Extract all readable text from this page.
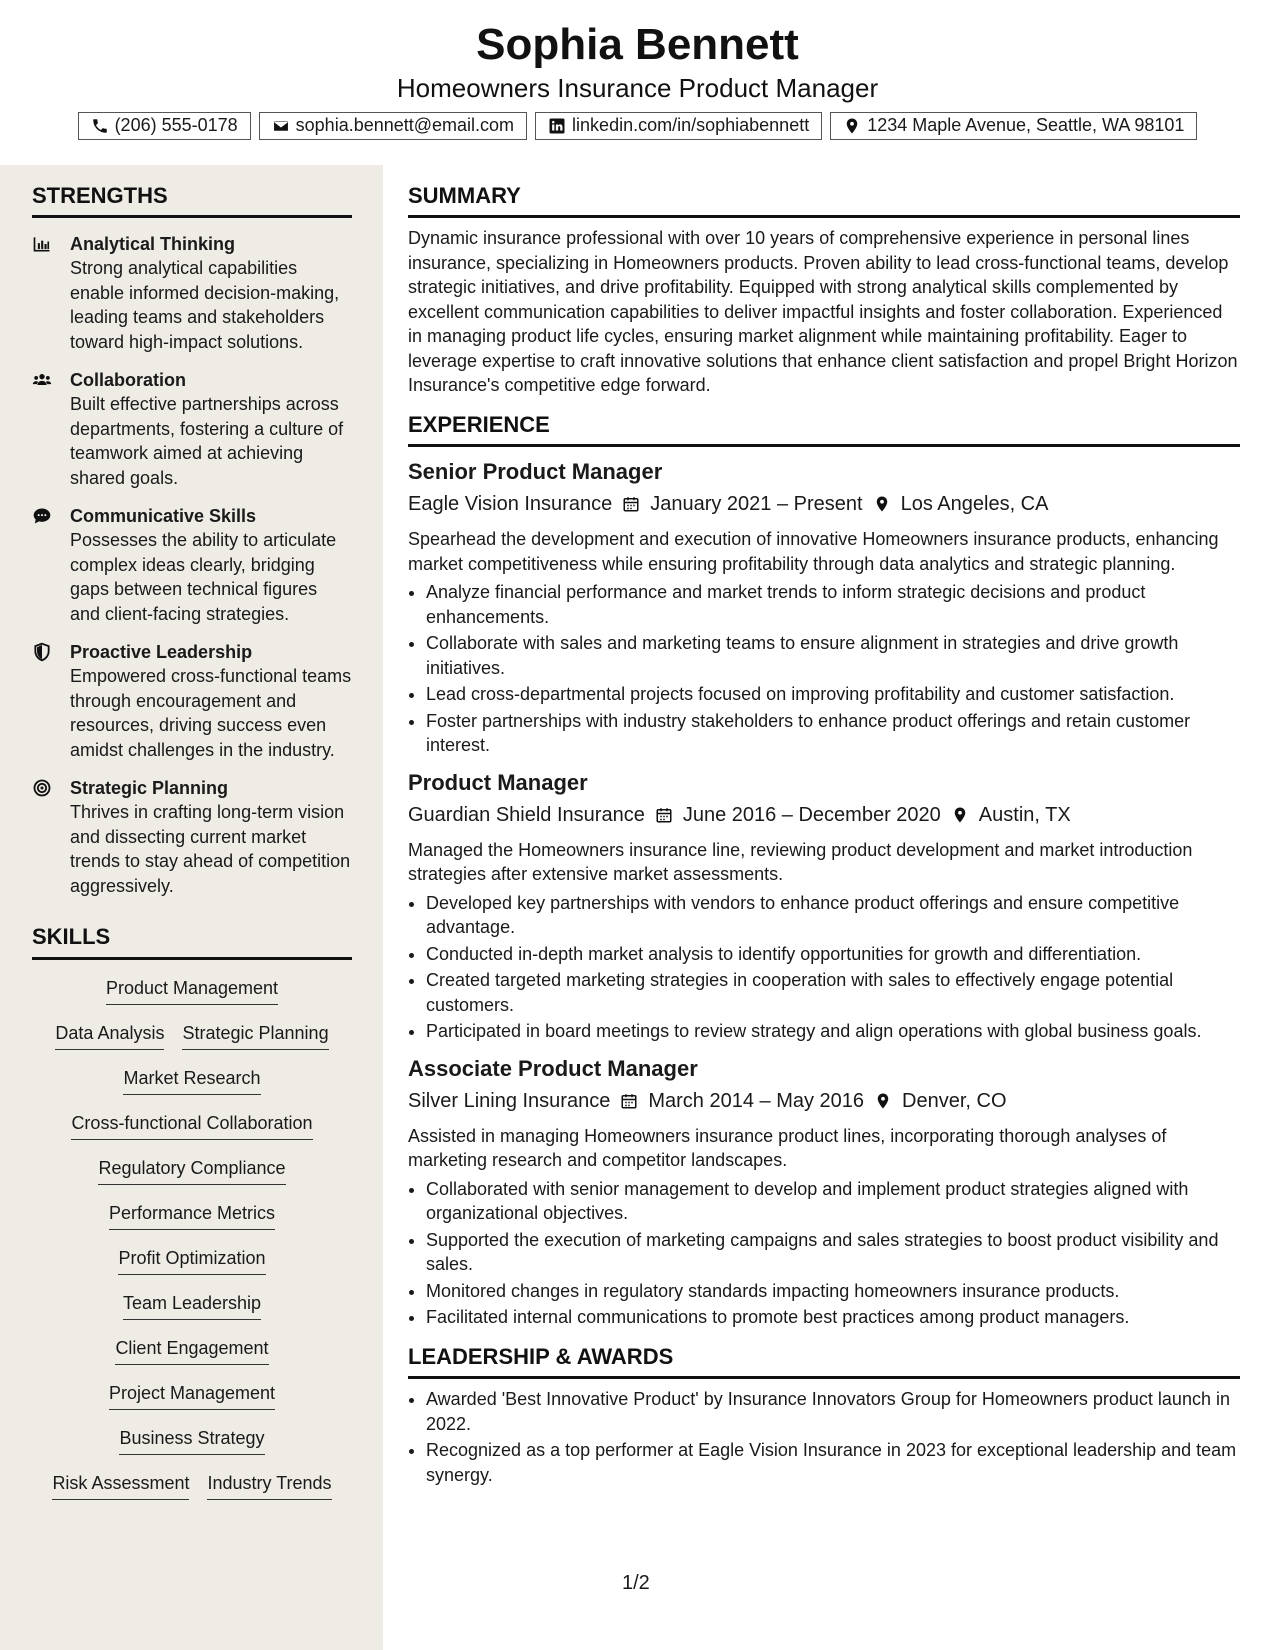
Sophia Bennett
Homeowners Insurance Product Manager
(206) 555-0178	sophia.bennett@email.com	linkedin.com/in/sophiabennett	1234 Maple Avenue, Seattle, WA 98101
STRENGTHS
Analytical Thinking
Strong analytical capabilities enable informed decision-making, leading teams and stakeholders toward high-impact solutions.
Collaboration
Built effective partnerships across departments, fostering a culture of teamwork aimed at achieving shared goals.
Communicative Skills
Possesses the ability to articulate complex ideas clearly, bridging gaps between technical figures and client-facing strategies.
Proactive Leadership
Empowered cross-functional teams through encouragement and resources, driving success even amidst challenges in the industry.
Strategic Planning
Thrives in crafting long-term vision and dissecting current market trends to stay ahead of competition aggressively.
SKILLS
Product Management
Data Analysis Strategic Planning
Market Research
Cross-functional Collaboration
Regulatory Compliance
Performance Metrics
Profit Optimization
Team Leadership
Client Engagement
Project Management
Business Strategy
Risk Assessment Industry Trends
SUMMARY
Dynamic insurance professional with over 10 years of comprehensive experience in personal lines insurance, specializing in Homeowners products. Proven ability to lead cross-functional teams, develop strategic initiatives, and drive profitability. Equipped with strong analytical skills complemented by excellent communication capabilities to deliver impactful insights and foster collaboration. Experienced in managing product life cycles, ensuring market alignment while maintaining profitability. Eager to leverage expertise to craft innovative solutions that enhance client satisfaction and propel Bright Horizon Insurance's competitive edge forward.
EXPERIENCE
Senior Product Manager
Eagle Vision Insurance January 2021 – Present Los Angeles, CA
Spearhead the development and execution of innovative Homeowners insurance products, enhancing market competitiveness while ensuring profitability through data analytics and strategic planning.
• Analyze financial performance and market trends to inform strategic decisions and product enhancements.
• Collaborate with sales and marketing teams to ensure alignment in strategies and drive growth initiatives.
• Lead cross-departmental projects focused on improving profitability and customer satisfaction.
• Foster partnerships with industry stakeholders to enhance product offerings and retain customer interest.
Product Manager
Guardian Shield Insurance June 2016 – December 2020 Austin, TX
Managed the Homeowners insurance line, reviewing product development and market introduction strategies after extensive market assessments.
• Developed key partnerships with vendors to enhance product offerings and ensure competitive advantage.
• Conducted in-depth market analysis to identify opportunities for growth and differentiation.
• Created targeted marketing strategies in cooperation with sales to effectively engage potential customers.
• Participated in board meetings to review strategy and align operations with global business goals.
Associate Product Manager
Silver Lining Insurance March 2014 – May 2016 Denver, CO
Assisted in managing Homeowners insurance product lines, incorporating thorough analyses of marketing research and competitor landscapes.
• Collaborated with senior management to develop and implement product strategies aligned with organizational objectives.
• Supported the execution of marketing campaigns and sales strategies to boost product visibility and sales.
• Monitored changes in regulatory standards impacting homeowners insurance products.
• Facilitated internal communications to promote best practices among product managers.
LEADERSHIP & AWARDS
• Awarded 'Best Innovative Product' by Insurance Innovators Group for Homeowners product launch in 2022.
• Recognized as a top performer at Eagle Vision Insurance in 2023 for exceptional leadership and team synergy.
1/2
